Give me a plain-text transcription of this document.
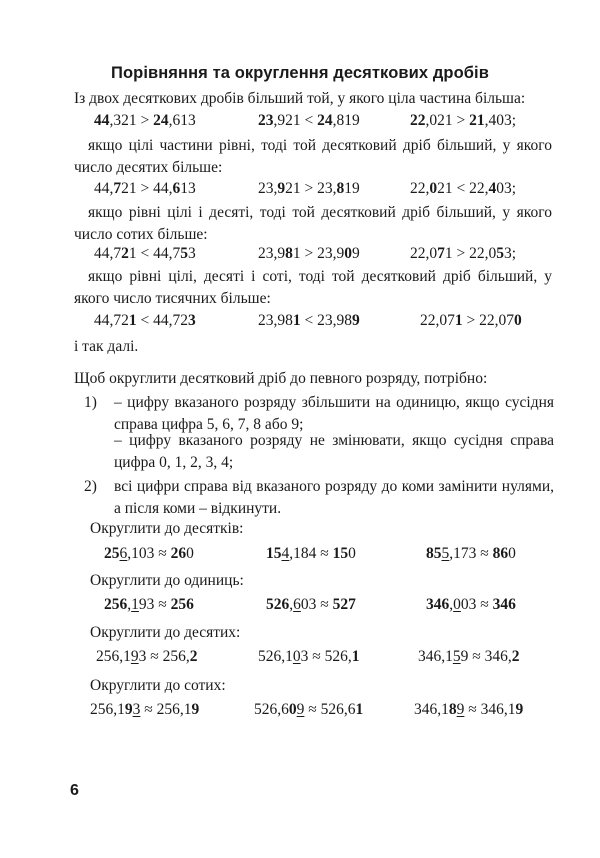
Порівняння та округлення десяткових дробів
Із двох десяткових дробів більший той, у якого ціла частина більша:
44,321 > 24,613	23,921 < 24,819	22,021 > 21,403;
якщо цілі частини рівні, тоді той десятковий дріб більший, у якого число десятих більше:
44,721 > 44,613	23,921 > 23,819	22,021 < 22,403;
якщо рівні цілі і десяті, тоді той десятковий дріб більший, у якого число сотих більше:
44,721 < 44,753	23,981 > 23,909	22,071 > 22,053;
якщо рівні цілі, десяті і соті, тоді той десятковий дріб більший, у якого число тисячних більше:
44,721 < 44,723	23,981 < 23,989	22,071 > 22,070
і так далі.
Щоб округлити десятковий дріб до певного розряду, потрібно:
1) – цифру вказаного розряду збільшити на одиницю, якщо сусідня справа цифра 5, 6, 7, 8 або 9;
– цифру вказаного розряду не змінювати, якщо сусідня справа цифра 0, 1, 2, 3, 4;
2) всі цифри справа від вказаного розряду до коми замінити нулями, а після коми – відкинути.
Округлити до десятків:
256,103 ≈ 260	154,184 ≈ 150	855,173 ≈ 860
Округлити до одиниць:
256,193 ≈ 256	526,603 ≈ 527	346,003 ≈ 346
Округлити до десятих:
256,193 ≈ 256,2	526,103 ≈ 526,1	346,159 ≈ 346,2
Округлити до сотих:
256,193 ≈ 256,19	526,609 ≈ 526,61	346,189 ≈ 346,19
6
